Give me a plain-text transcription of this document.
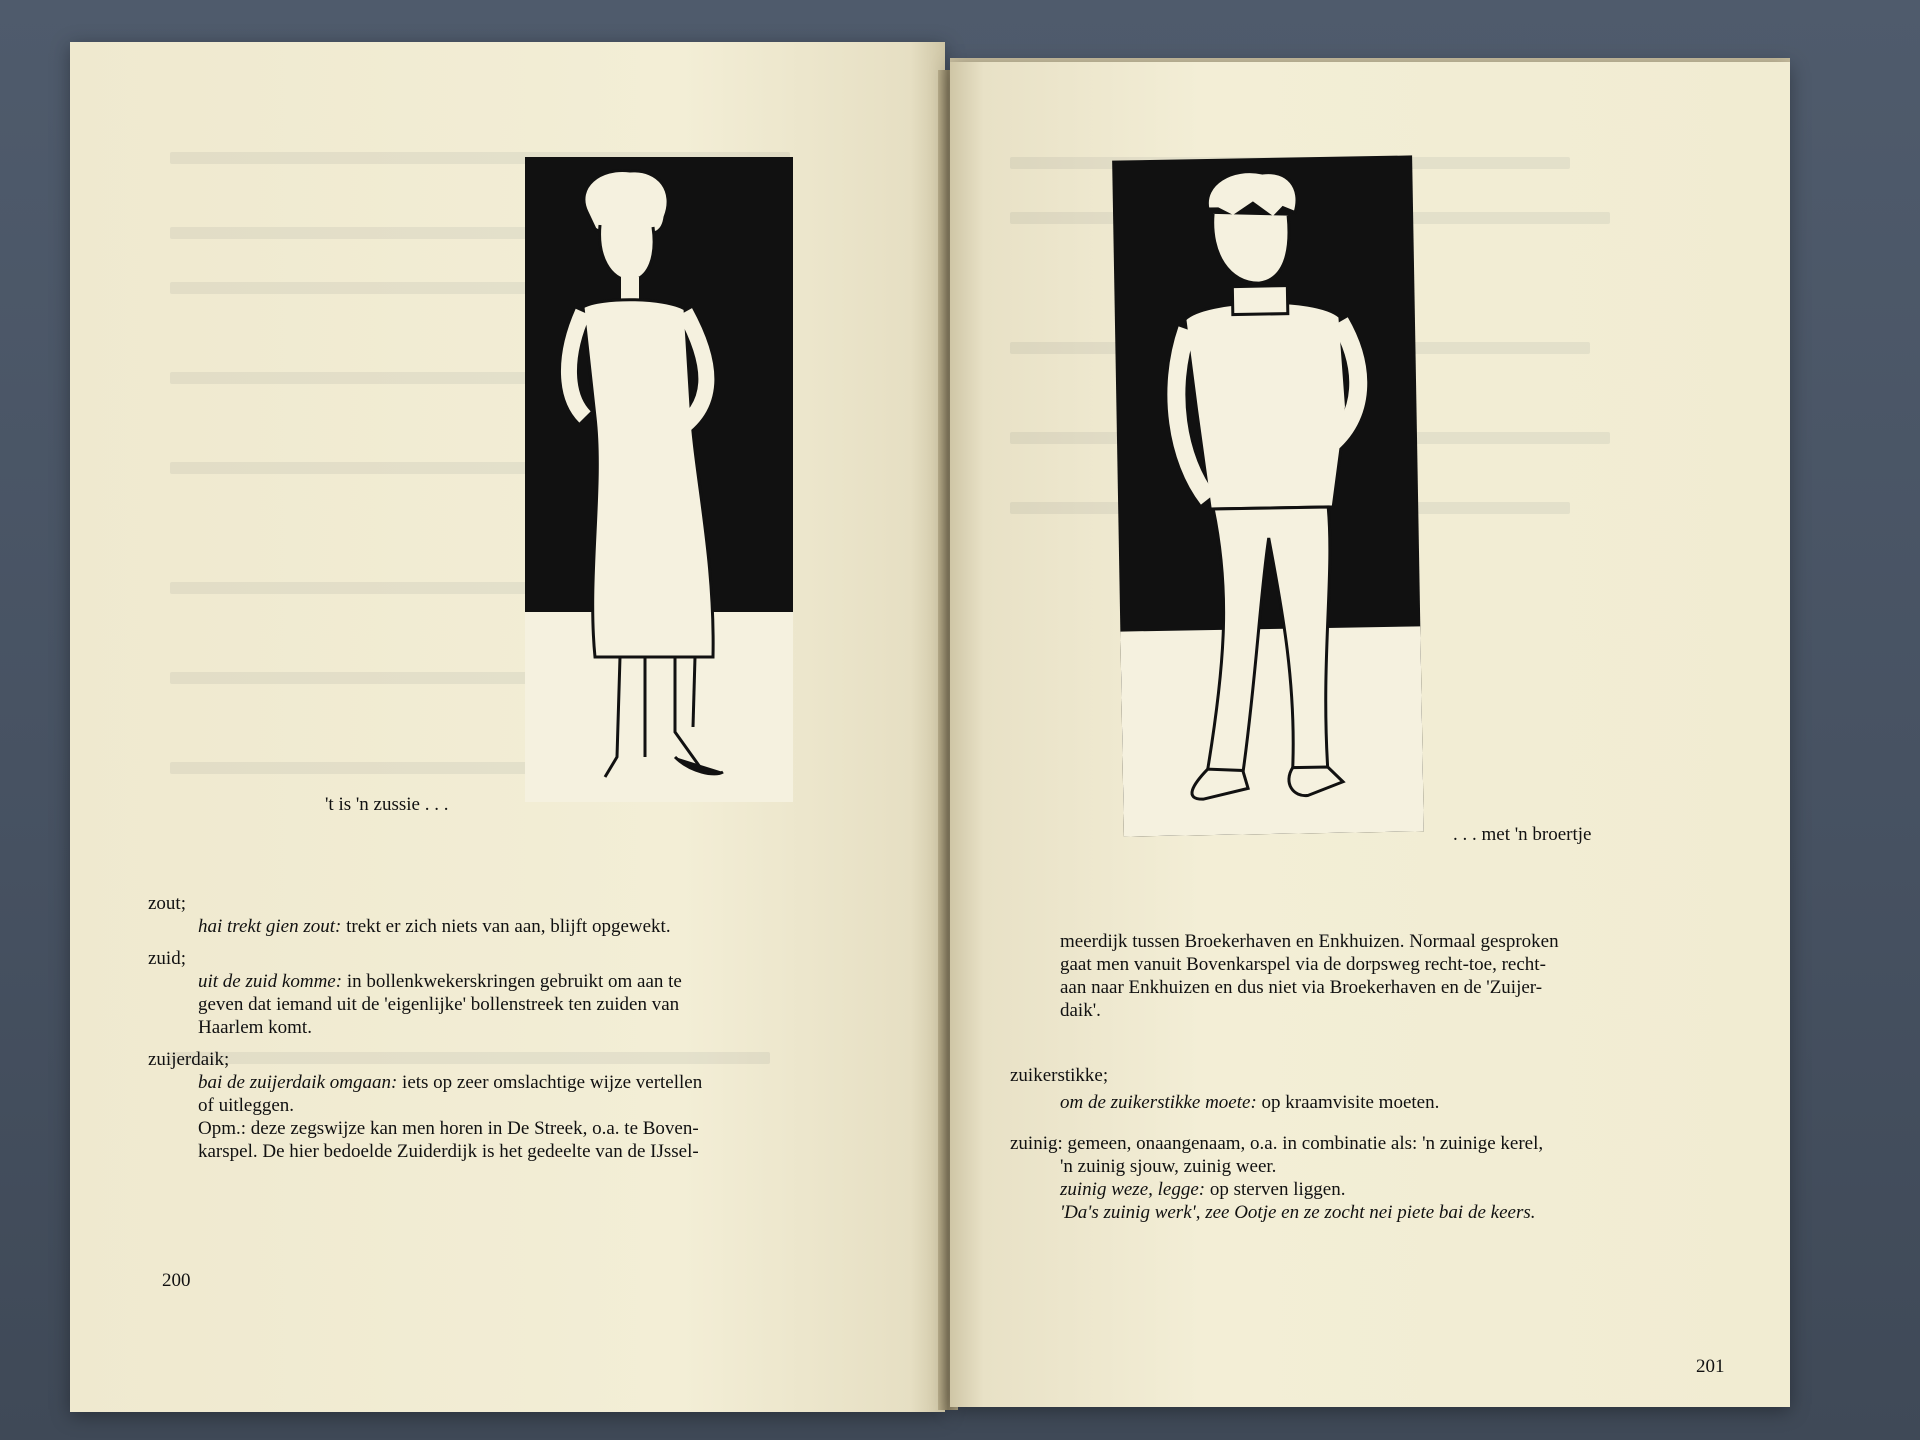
't is 'n zussie . . .
zout;
hai trekt gien zout: trekt er zich niets van aan, blijft opgewekt.
zuid;
uit de zuid komme: in bollenkwekerskringen gebruikt om aan te
geven dat iemand uit de 'eigenlijke' bollenstreek ten zuiden van
Haarlem komt.
zuijerdaik;
bai de zuijerdaik omgaan: iets op zeer omslachtige wijze vertellen
of uitleggen.
Opm.: deze zegswijze kan men horen in De Streek, o.a. te Boven-
karspel. De hier bedoelde Zuiderdijk is het gedeelte van de IJssel-
200
. . . met 'n broertje
meerdijk tussen Broekerhaven en Enkhuizen. Normaal gesproken
gaat men vanuit Bovenkarspel via de dorpsweg recht-toe, recht-
aan naar Enkhuizen en dus niet via Broekerhaven en de 'Zuijer-
daik'.
zuikerstikke;
om de zuikerstikke moete: op kraamvisite moeten.
zuinig: gemeen, onaangenaam, o.a. in combinatie als: 'n zuinige kerel,
'n zuinig sjouw, zuinig weer.
zuinig weze, legge: op sterven liggen.
'Da's zuinig werk', zee Ootje en ze zocht nei piete bai de keers.
201
